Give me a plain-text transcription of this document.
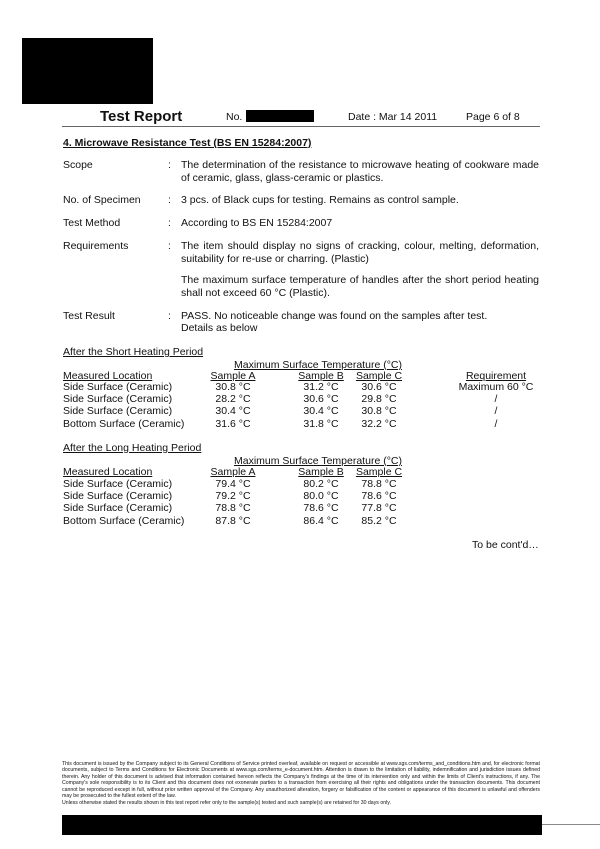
Test Report	No.	Date : Mar 14 2011	Page 6 of 8
4. Microwave Resistance Test (BS EN 15284:2007)
Scope	: The determination of the resistance to microwave heating of cookware made of ceramic, glass, glass-ceramic or plastics.
No. of Specimen	: 3 pcs. of Black cups for testing. Remains as control sample.
Test Method	: According to BS EN 15284:2007
Requirements	: The item should display no signs of cracking, colour, melting, deformation, suitability for re-use or charring. (Plastic)
The maximum surface temperature of handles after the short period heating shall not exceed 60 °C (Plastic).
Test Result	: PASS. No noticeable change was found on the samples after test.
Details as below
After the Short Heating Period
Maximum Surface Temperature (°C)
Measured Location	Sample A	Sample B	Sample C	Requirement
Side Surface (Ceramic)	30.8 °C	31.2 °C	30.6 °C	Maximum 60 °C
Side Surface (Ceramic)	28.2 °C	30.6 °C	29.8 °C	/
Side Surface (Ceramic)	30.4 °C	30.4 °C	30.8 °C	/
Bottom Surface (Ceramic)	31.6 °C	31.8 °C	32.2 °C	/
After the Long Heating Period
Maximum Surface Temperature (°C)
Measured Location	Sample A	Sample B	Sample C
Side Surface (Ceramic)	79.4 °C	80.2 °C	78.8 °C
Side Surface (Ceramic)	79.2 °C	80.0 °C	78.6 °C
Side Surface (Ceramic)	78.8 °C	78.6 °C	77.8 °C
Bottom Surface (Ceramic)	87.8 °C	86.4 °C	85.2 °C
To be cont'd…
This document is issued by the Company subject to its General Conditions of Service printed overleaf, available on request or accessible at www.sgs.com/terms_and_conditions.htm and, for electronic format documents, subject to Terms and Conditions for Electronic Documents at www.sgs.com/terms_e-document.htm. Attention is drawn to the limitation of liability, indemnification and jurisdiction issues defined therein. Any holder of this document is advised that information contained hereon reflects the Company's findings at the time of its intervention only and within the limits of Client's instructions, if any. The Company's sole responsibility is to its Client and this document does not exonerate parties to a transaction from exercising all their rights and obligations under the transaction documents. This document cannot be reproduced except in full, without prior written approval of the Company. Any unauthorized alteration, forgery or falsification of the content or appearance of this document is unlawful and offenders may be prosecuted to the fullest extent of the law.
Unless otherwise stated the results shown in this test report refer only to the sample(s) tested and such sample(s) are retained for 30 days only.
